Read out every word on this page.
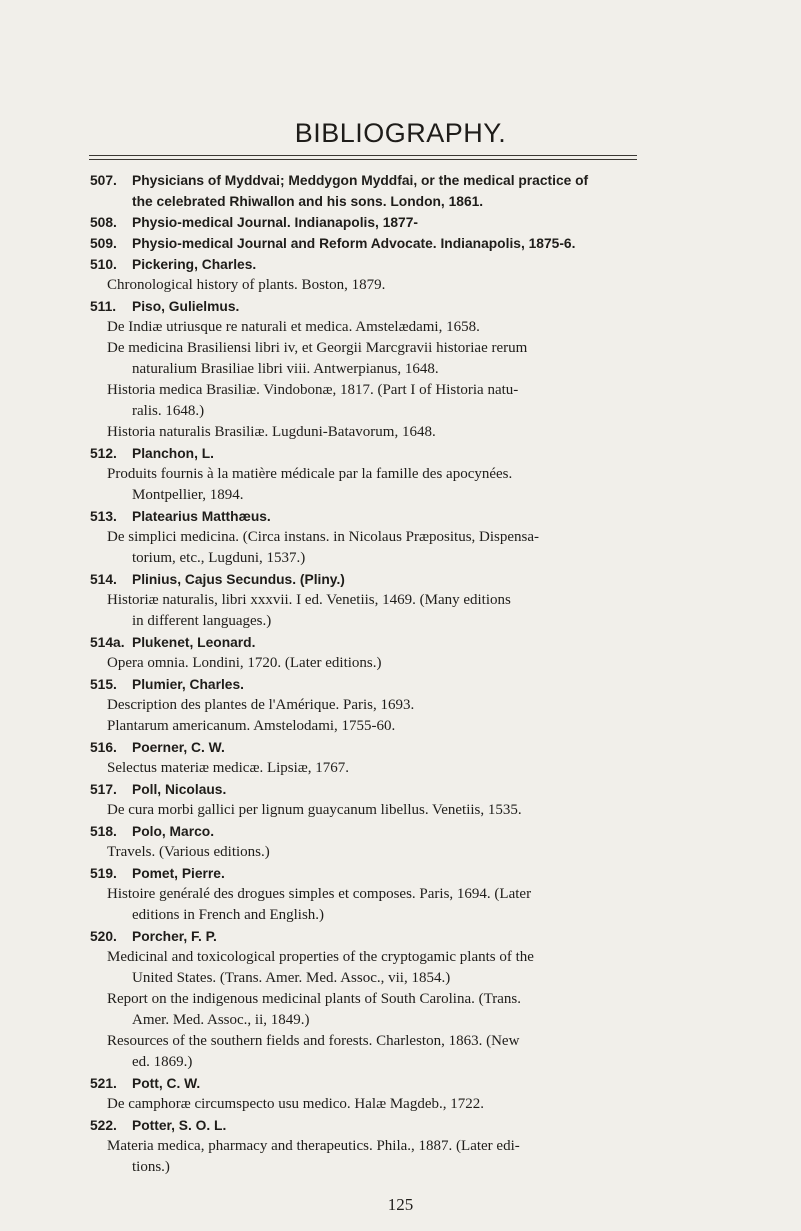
BIBLIOGRAPHY.
507. Physicians of Myddvai; Meddygon Myddfai, or the medical practice of
the celebrated Rhiwallon and his sons. London, 1861.
508. Physio-medical Journal. Indianapolis, 1877-
509. Physio-medical Journal and Reform Advocate. Indianapolis, 1875-6.
510. Pickering, Charles.
Chronological history of plants. Boston, 1879.
511. Piso, Gulielmus.
De Indiæ utriusque re naturali et medica. Amstelædami, 1658.
De medicina Brasiliensi libri iv, et Georgii Marcgravii historiae rerum
naturalium Brasiliae libri viii. Antwerpianus, 1648.
Historia medica Brasiliæ. Vindobonæ, 1817. (Part I of Historia natu-
ralis. 1648.)
Historia naturalis Brasiliæ. Lugduni-Batavorum, 1648.
512. Planchon, L.
Produits fournis à la matière médicale par la famille des apocynées.
Montpellier, 1894.
513. Platearius Matthæus.
De simplici medicina. (Circa instans. in Nicolaus Præpositus, Dispensa-
torium, etc., Lugduni, 1537.)
514. Plinius, Cajus Secundus. (Pliny.)
Historiæ naturalis, libri xxxvii. I ed. Venetiis, 1469. (Many editions
in different languages.)
514a. Plukenet, Leonard.
Opera omnia. Londini, 1720. (Later editions.)
515. Plumier, Charles.
Description des plantes de l'Amérique. Paris, 1693.
Plantarum americanum. Amstelodami, 1755-60.
516. Poerner, C. W.
Selectus materiæ medicæ. Lipsiæ, 1767.
517. Poll, Nicolaus.
De cura morbi gallici per lignum guaycanum libellus. Venetiis, 1535.
518. Polo, Marco.
Travels. (Various editions.)
519. Pomet, Pierre.
Histoire genéralé des drogues simples et composes. Paris, 1694. (Later
editions in French and English.)
520. Porcher, F. P.
Medicinal and toxicological properties of the cryptogamic plants of the
United States. (Trans. Amer. Med. Assoc., vii, 1854.)
Report on the indigenous medicinal plants of South Carolina. (Trans.
Amer. Med. Assoc., ii, 1849.)
Resources of the southern fields and forests. Charleston, 1863. (New
ed. 1869.)
521. Pott, C. W.
De camphoræ circumspecto usu medico. Halæ Magdeb., 1722.
522. Potter, S. O. L.
Materia medica, pharmacy and therapeutics. Phila., 1887. (Later edi-
tions.)
125
